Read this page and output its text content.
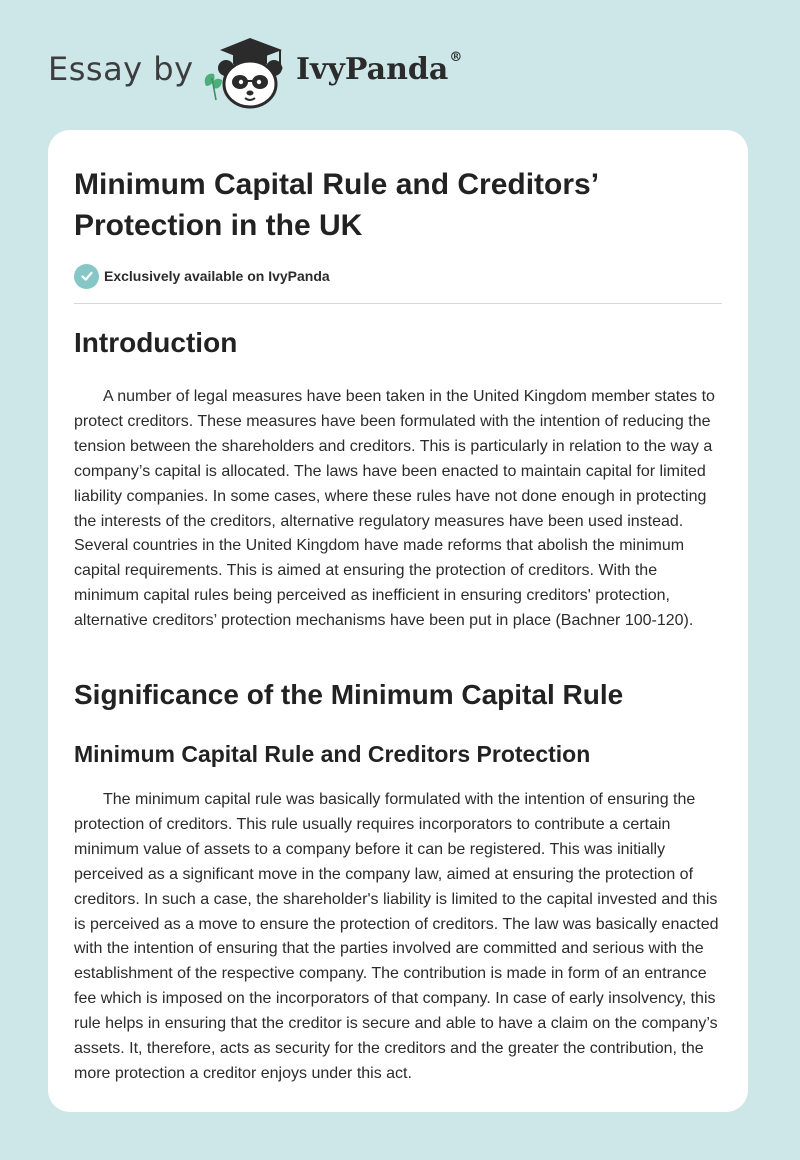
Essay by	IvyPanda®
Minimum Capital Rule and Creditors’ Protection in the UK
Exclusively available on IvyPanda
Introduction

A number of legal measures have been taken in the United Kingdom member states to protect creditors. These measures have been formulated with the intention of reducing the tension between the shareholders and creditors. This is particularly in relation to the way a company’s capital is allocated. The laws have been enacted to maintain capital for limited liability companies. In some cases, where these rules have not done enough in protecting the interests of the creditors, alternative regulatory measures have been used instead. Several countries in the United Kingdom have made reforms that abolish the minimum capital requirements. This is aimed at ensuring the protection of creditors. With the minimum capital rules being perceived as inefficient in ensuring creditors' protection, alternative creditors’ protection mechanisms have been put in place (Bachner 100-120).

Significance of the Minimum Capital Rule
Minimum Capital Rule and Creditors Protection

The minimum capital rule was basically formulated with the intention of ensuring the protection of creditors. This rule usually requires incorporators to contribute a certain minimum value of assets to a company before it can be registered. This was initially perceived as a significant move in the company law, aimed at ensuring the protection of creditors. In such a case, the shareholder's liability is limited to the capital invested and this is perceived as a move to ensure the protection of creditors. The law was basically enacted with the intention of ensuring that the parties involved are committed and serious with the establishment of the respective company. The contribution is made in form of an entrance fee which is imposed on the incorporators of that company. In case of early insolvency, this rule helps in ensuring that the creditor is secure and able to have a claim on the company’s assets. It, therefore, acts as security for the creditors and the greater the contribution, the more protection a creditor enjoys under this act.
